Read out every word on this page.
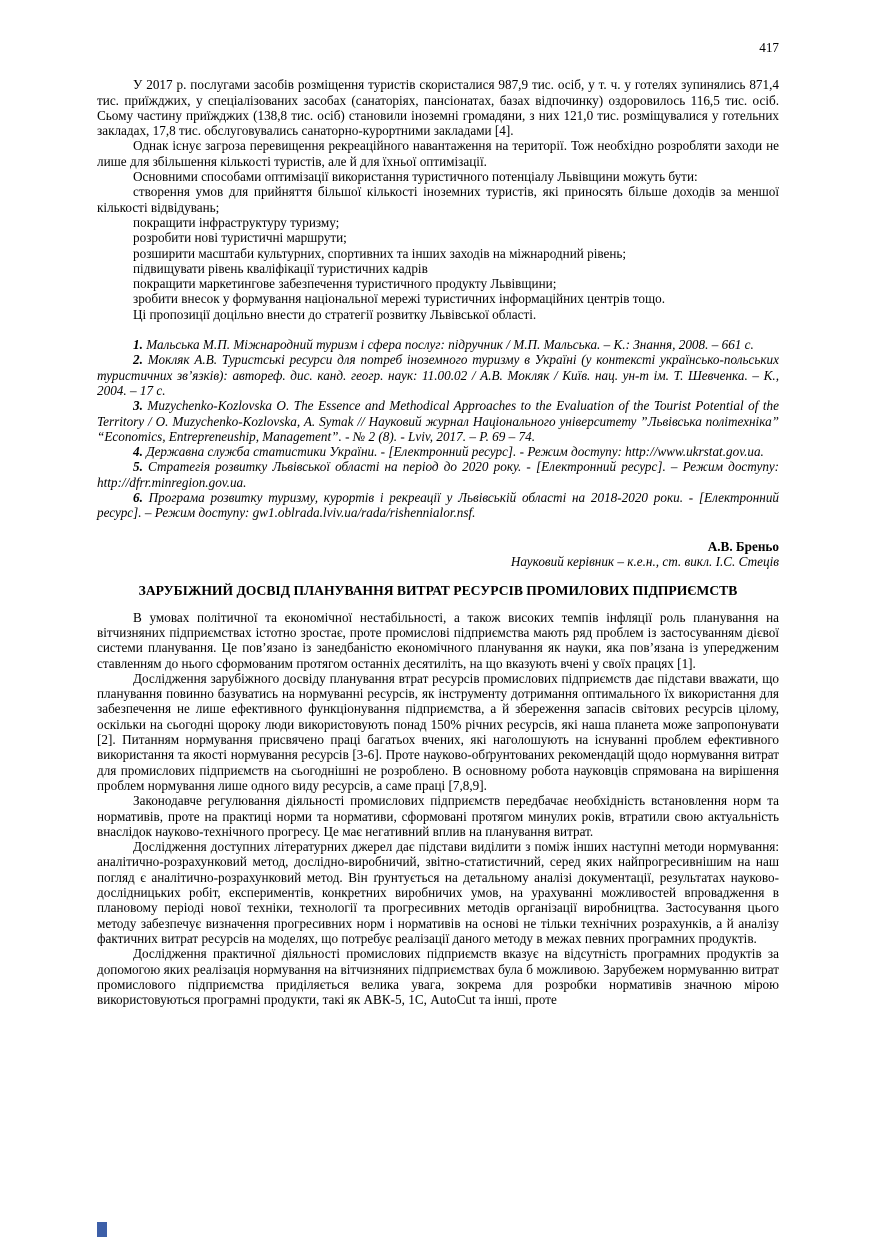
417

У 2017 р. послугами засобів розміщення туристів скористалися 987,9 тис. осіб, у т. ч. у готелях зупинялись 871,4 тис. приїжджих, у спеціалізованих засобах (санаторіях, пансіонатах, базах відпочинку) оздоровилось 116,5 тис. осіб. Сьому частину приїжджих (138,8 тис. осіб) становили іноземні громадяни, з них 121,0 тис. розміщувалися у готельних закладах, 17,8 тис. обслуговувались санаторно-курортними закладами [4].

Однак існує загроза перевищення рекреаційного навантаження на території. Тож необхідно розробляти заходи не лише для збільшення кількості туристів, але й для їхньої оптимізації.

Основними способами оптимізації використання туристичного потенціалу Львівщини можуть бути:

створення умов для прийняття більшої кількості іноземних туристів, які приносять більше доходів за меншої кількості відвідувань;

покращити інфраструктуру туризму;

розробити нові туристичні маршрути;

розширити масштаби культурних, спортивних та інших заходів на міжнародний рівень;

підвищувати рівень кваліфікації туристичних кадрів

покращити маркетингове забезпечення туристичного продукту Львівщини;

зробити внесок у формування національної мережі туристичних інформаційних центрів тощо.

Ці пропозиції доцільно внести до стратегії розвитку Львівської області.

1. Мальська М.П. Міжнародний туризм і сфера послуг: підручник / М.П. Мальська. – К.: Знання, 2008. – 661 с.

2. Мокляк А.В. Туристські ресурси для потреб іноземного туризму в Україні (у контексті українсько-польських туристичних зв’язків): автореф. дис. канд. геогр. наук: 11.00.02 / А.В. Мокляк / Київ. нац. ун-т ім. Т. Шевченка. – К., 2004. – 17 с.

3. Muzychenko-Kozlovska O. The Essence and Methodical Approaches to the Evaluation of the Tourist Potential of the Territory / O. Muzychenko-Kozlovska, A. Symak // Науковий журнал Національного університету ”Львівська політехніка” “Economics, Entrepreneuship, Management”. - № 2 (8). - Lviv, 2017. – P. 69 – 74.

4. Державна служба статистики України. - [Електронний ресурс]. - Режим доступу: http://www.ukrstat.gov.ua.

5. Стратегія розвитку Львівської області на період до 2020 року. - [Електронний ресурс]. – Режим доступу: http://dfrr.minregion.gov.ua.

6. Програма розвитку туризму, курортів і рекреації у Львівській області на 2018-2020 роки. - [Електронний ресурс]. – Режим доступу: gw1.oblrada.lviv.ua/rada/rishennialor.nsf.

А.В. Бреньо
Науковий керівник – к.е.н., ст. викл. І.С. Стеців
ЗАРУБІЖНИЙ ДОСВІД ПЛАНУВАННЯ ВИТРАТ РЕСУРСІВ ПРОМИЛОВИХ ПІДПРИЄМСТВ

В умовах політичної та економічної нестабільності, а також високих темпів інфляції роль планування на вітчизняних підприємствах істотно зростає, проте промислові підприємства мають ряд проблем із застосуванням дієвої системи планування. Це пов’язано із занедбаністю економічного планування як науки, яка пов’язана із упередженим ставленням до нього сформованим протягом останніх десятиліть, на що вказують вчені у своїх працях [1].

Дослідження зарубіжного досвіду планування втрат ресурсів промислових підприємств дає підстави вважати, що планування повинно базуватись на нормуванні ресурсів, як інструменту дотримання оптимального їх використання для забезпечення не лише ефективного функціонування підприємства, а й збереження запасів світових ресурсів цілому, оскільки на сьогодні щороку люди використовують понад 150% річних ресурсів, які наша планета може запропонувати [2]. Питанням нормування присвячено праці багатьох вчених, які наголошують на існуванні проблем ефективного використання та якості нормування ресурсів [3-6]. Проте науково-обґрунтованих рекомендацій щодо нормування витрат для промислових підприємств на сьогоднішні не розроблено. В основному робота науковців спрямована на вирішення проблем нормування лише одного виду ресурсів, а саме праці [7,8,9].

Законодавче регулювання діяльності промислових підприємств передбачає необхідність встановлення норм та нормативів, проте на практиці норми та нормативи, сформовані протягом минулих років, втратили свою актуальність внаслідок науково-технічного прогресу. Це має негативний вплив на планування витрат.

Дослідження доступних літературних джерел дає підстави виділити з поміж інших наступні методи нормування: аналітично-розрахунковий метод, дослідно-виробничий, звітно-статистичний, серед яких найпрогресивнішим на наш погляд є аналітично-розрахунковий метод. Він ґрунтується на детальному аналізі документації, результатах науково-дослідницьких робіт, експериментів, конкретних виробничих умов, на урахуванні можливостей впровадження в плановому періоді нової техніки, технології та прогресивних методів організації виробництва. Застосування цього методу забезпечує визначення прогресивних норм і нормативів на основі не тільки технічних розрахунків, а й аналізу фактичних витрат ресурсів на моделях, що потребує реалізації даного методу в межах певних програмних продуктів.

Дослідження практичної діяльності промислових підприємств вказує на відсутність програмних продуктів за допомогою яких реалізація нормування на вітчизняних підприємствах була б можливою. Зарубежем нормуванню витрат промислового підприємства приділяється велика увага, зокрема для розробки нормативів значною мірою використовуються програмні продукти, такі як АВК-5, 1С, AutoCut та інші, проте
